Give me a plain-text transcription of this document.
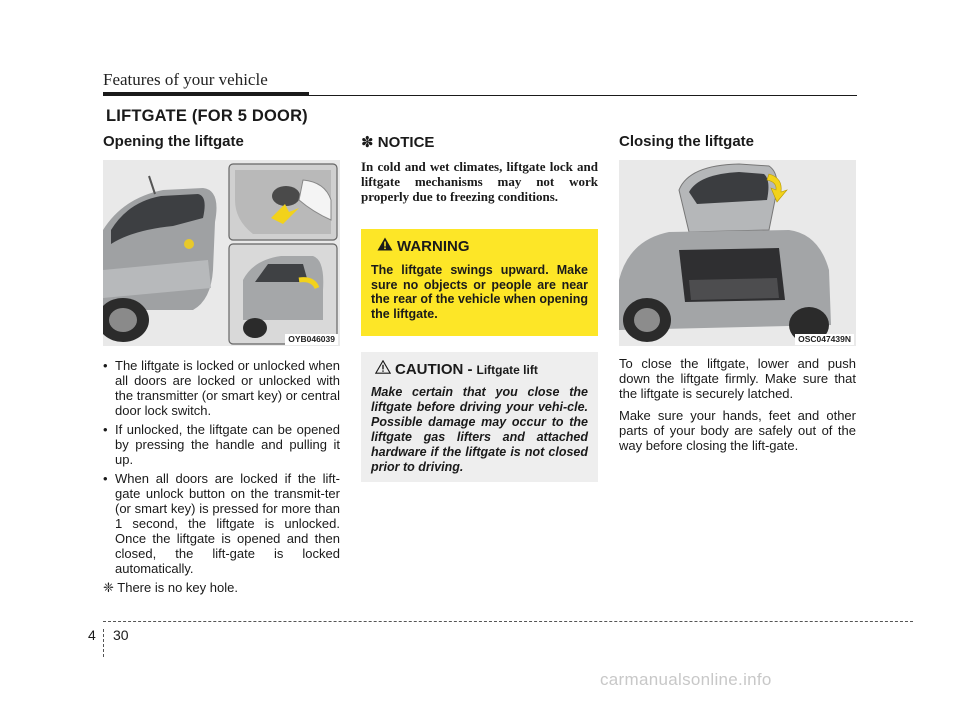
Features of your vehicle
LIFTGATE (FOR 5 DOOR)
Opening the liftgate
OYB046039
• The liftgate is locked or unlocked when all doors are locked or unlocked with the transmitter (or smart key) or central door lock switch.
• If unlocked, the liftgate can be opened by pressing the handle and pulling it up.
• When all doors are locked if the lift-gate unlock button on the transmit-ter (or smart key) is pressed for more than 1 second, the liftgate is unlocked. Once the liftgate is opened and then closed, the lift-gate is locked automatically.
❈ There is no key hole.
✽ NOTICE
In cold and wet climates, liftgate lock and liftgate mechanisms may not work properly due to freezing conditions.
WARNING
The liftgate swings upward. Make sure no objects or people are near the rear of the vehicle when opening the liftgate.
CAUTION - Liftgate lift
Make certain that you close the liftgate before driving your vehi-cle. Possible damage may occur to the liftgate gas lifters and attached hardware if the liftgate is not closed prior to driving.
Closing the liftgate
OSC047439N

To close the liftgate, lower and push down the liftgate firmly. Make sure that the liftgate is securely latched.

Make sure your hands, feet and other parts of your body are safely out of the way before closing the lift-gate.

4 30
carmanualsonline.info
